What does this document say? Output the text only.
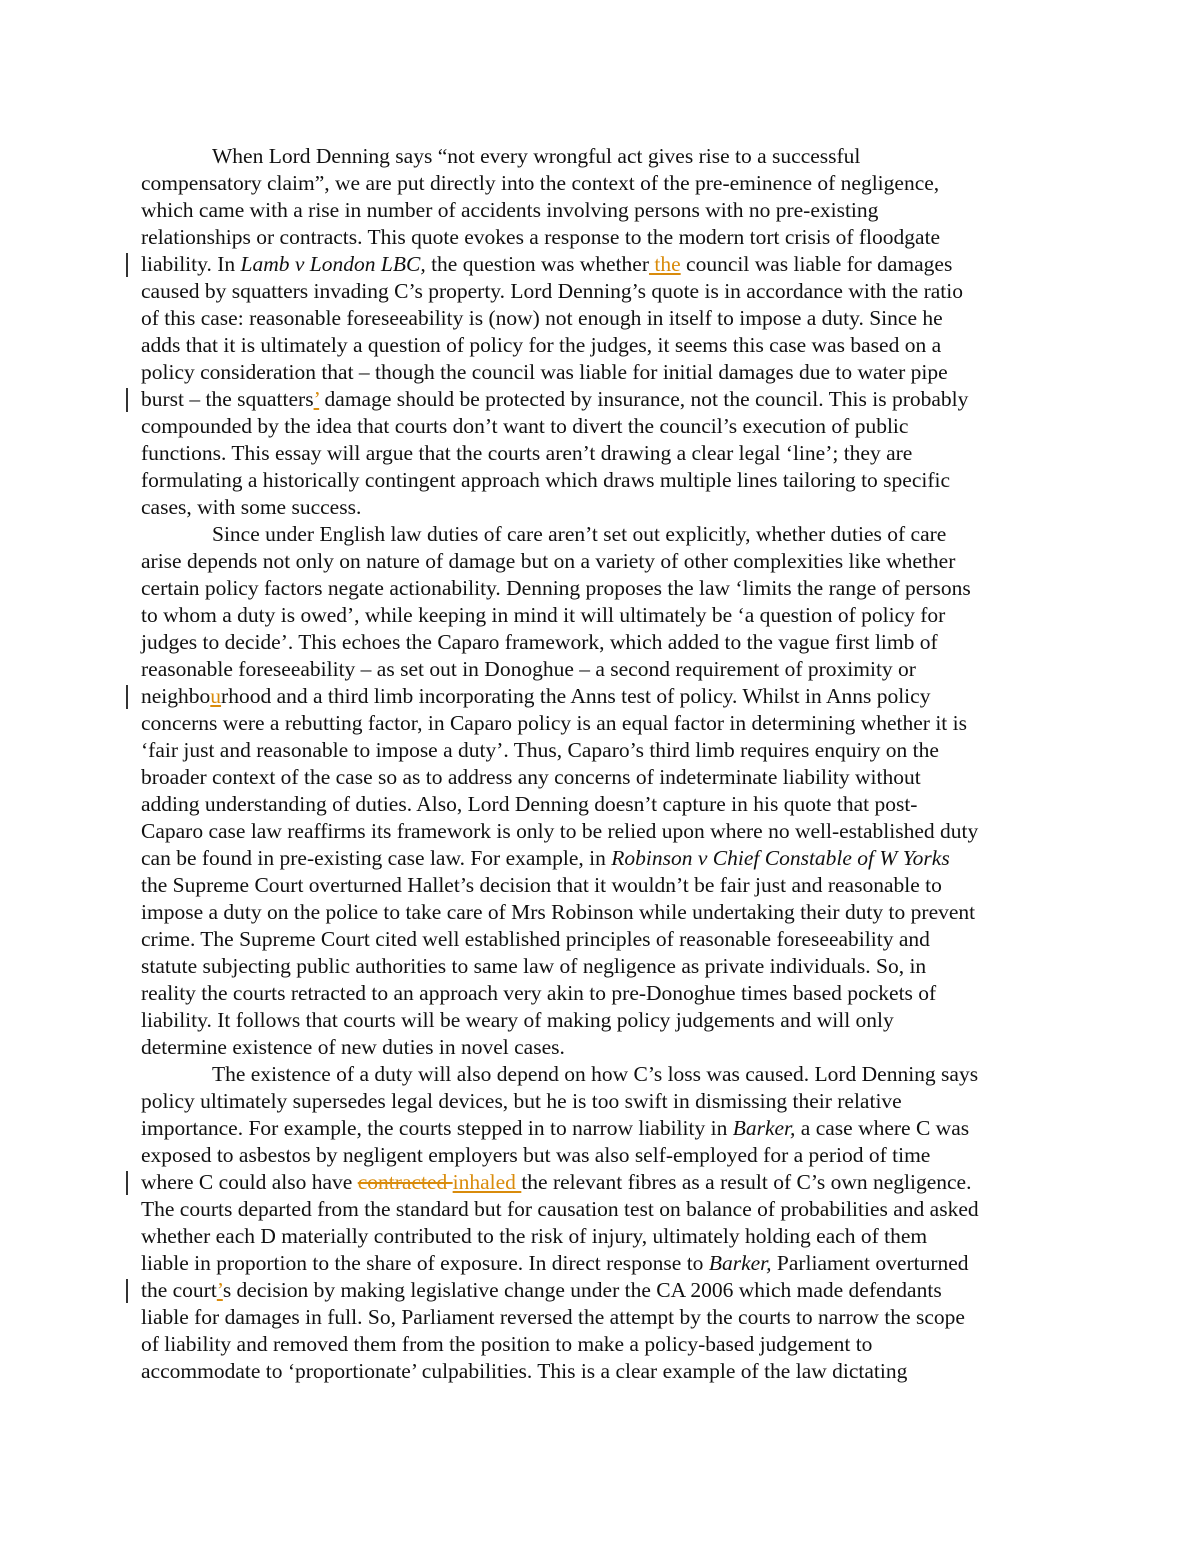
When Lord Denning says “not every wrongful act gives rise to a successful
compensatory claim”, we are put directly into the context of the pre-eminence of negligence,
which came with a rise in number of accidents involving persons with no pre-existing
relationships or contracts. This quote evokes a response to the modern tort crisis of floodgate
liability. In Lamb v London LBC, the question was whether the council was liable for damages
caused by squatters invading C’s property. Lord Denning’s quote is in accordance with the ratio
of this case: reasonable foreseeability is (now) not enough in itself to impose a duty. Since he
adds that it is ultimately a question of policy for the judges, it seems this case was based on a
policy consideration that – though the council was liable for initial damages due to water pipe
burst – the squatters’ damage should be protected by insurance, not the council. This is probably
compounded by the idea that courts don’t want to divert the council’s execution of public
functions. This essay will argue that the courts aren’t drawing a clear legal ‘line’; they are
formulating a historically contingent approach which draws multiple lines tailoring to specific
cases, with some success.
Since under English law duties of care aren’t set out explicitly, whether duties of care
arise depends not only on nature of damage but on a variety of other complexities like whether
certain policy factors negate actionability. Denning proposes the law ‘limits the range of persons
to whom a duty is owed’, while keeping in mind it will ultimately be ‘a question of policy for
judges to decide’. This echoes the Caparo framework, which added to the vague first limb of
reasonable foreseeability – as set out in Donoghue – a second requirement of proximity or
neighbourhood and a third limb incorporating the Anns test of policy. Whilst in Anns policy
concerns were a rebutting factor, in Caparo policy is an equal factor in determining whether it is
‘fair just and reasonable to impose a duty’. Thus, Caparo’s third limb requires enquiry on the
broader context of the case so as to address any concerns of indeterminate liability without
adding understanding of duties. Also, Lord Denning doesn’t capture in his quote that post-
Caparo case law reaffirms its framework is only to be relied upon where no well-established duty
can be found in pre-existing case law. For example, in Robinson v Chief Constable of W Yorks
the Supreme Court overturned Hallet’s decision that it wouldn’t be fair just and reasonable to
impose a duty on the police to take care of Mrs Robinson while undertaking their duty to prevent
crime. The Supreme Court cited well established principles of reasonable foreseeability and
statute subjecting public authorities to same law of negligence as private individuals. So, in
reality the courts retracted to an approach very akin to pre-Donoghue times based pockets of
liability. It follows that courts will be weary of making policy judgements and will only
determine existence of new duties in novel cases.
The existence of a duty will also depend on how C’s loss was caused. Lord Denning says
policy ultimately supersedes legal devices, but he is too swift in dismissing their relative
importance. For example, the courts stepped in to narrow liability in Barker, a case where C was
exposed to asbestos by negligent employers but was also self-employed for a period of time
where C could also have contracted inhaled the relevant fibres as a result of C’s own negligence.
The courts departed from the standard but for causation test on balance of probabilities and asked
whether each D materially contributed to the risk of injury, ultimately holding each of them
liable in proportion to the share of exposure. In direct response to Barker, Parliament overturned
the court’s decision by making legislative change under the CA 2006 which made defendants
liable for damages in full. So, Parliament reversed the attempt by the courts to narrow the scope
of liability and removed them from the position to make a policy-based judgement to
accommodate to ‘proportionate’ culpabilities. This is a clear example of the law dictating
